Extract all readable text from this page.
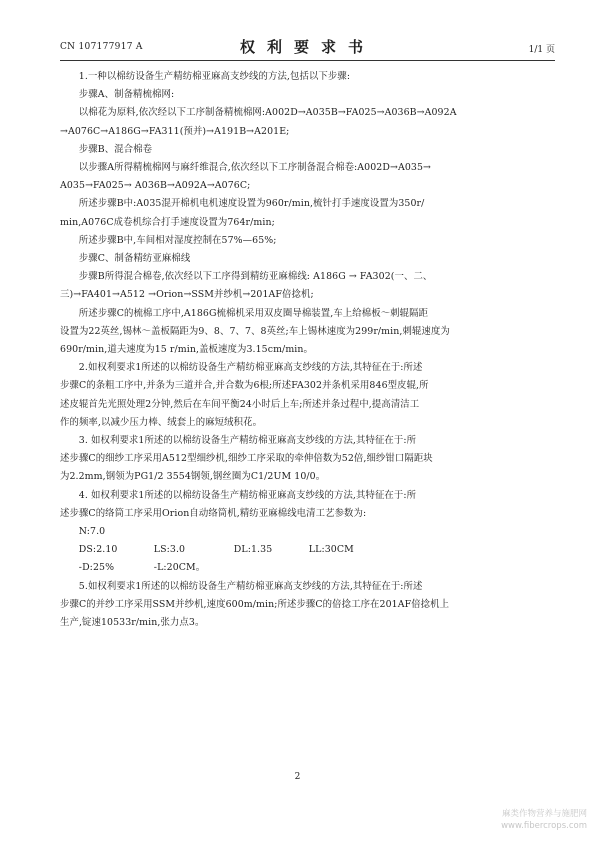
CN 107177917 A	权利要求书	1/1 页

1.一种以棉纺设备生产精纺棉亚麻高支纱线的方法,包括以下步骤:

步骤A、制备精梳棉网:

以棉花为原料,依次经以下工序制备精梳棉网:A002D→A035B→FA025→A036B→A092A

→A076C→A186G→FA311(预并)→A191B→A201E;

步骤B、混合棉卷

以步骤A所得精梳棉网与麻纤维混合,依次经以下工序制备混合棉卷:A002D→A035→

A035→FA025→ A036B→A092A→A076C;

所述步骤B中:A035混开棉机电机速度设置为960r/min,梳针打手速度设置为350r/

min,A076C成卷机综合打手速度设置为764r/min;

所述步骤B中,车间相对湿度控制在57%—65%;

步骤C、制备精纺亚麻棉线

步骤B所得混合棉卷,依次经以下工序得到精纺亚麻棉线: A186G → FA302(一、二、

三)→FA401→A512 →Orion→SSM并纱机→201AF倍捻机;

所述步骤C的梳棉工序中,A186G梳棉机采用双皮圈导棉装置,车上给棉板～刺辊隔距

设置为22英丝,锡林～盖板隔距为9、8、7、7、8英丝;车上锡林速度为299r/min,刺辊速度为

690r/min,道夫速度为15 r/min,盖板速度为3.15cm/min。

2.如权利要求1所述的以棉纺设备生产精纺棉亚麻高支纱线的方法,其特征在于:所述

步骤C的条粗工序中,并条为三道并合,并合数为6根;所述FA302并条机采用846型皮辊,所

述皮辊首先光照处理2分钟,然后在车间平衡24小时后上车;所述并条过程中,提高清洁工

作的频率,以减少压力棒、绒套上的麻短绒积花。

3. 如权利要求1所述的以棉纺设备生产精纺棉亚麻高支纱线的方法,其特征在于:所

述步骤C的细纱工序采用A512型细纱机,细纱工序采取的牵伸倍数为52倍,细纱钳口隔距块

为2.2mm,钢领为PG1/2 3554钢领,钢丝圈为C1/2UM 10/0。

4. 如权利要求1所述的以棉纺设备生产精纺棉亚麻高支纱线的方法,其特征在于:所

述步骤C的络筒工序采用Orion自动络筒机,精纺亚麻棉线电清工艺参数为:

N:7.0
DS:2.10	LS:3.0	DL:1.35	LL:30CM
-D:25%	-L:20CM。

5.如权利要求1所述的以棉纺设备生产精纺棉亚麻高支纱线的方法,其特征在于:所述

步骤C的并纱工序采用SSM并纱机,速度600m/min;所述步骤C的倍捻工序在201AF倍捻机上

生产,锭速10533r/min,张力点3。

2
麻类作物营养与施肥网
www.fibercrops.com
